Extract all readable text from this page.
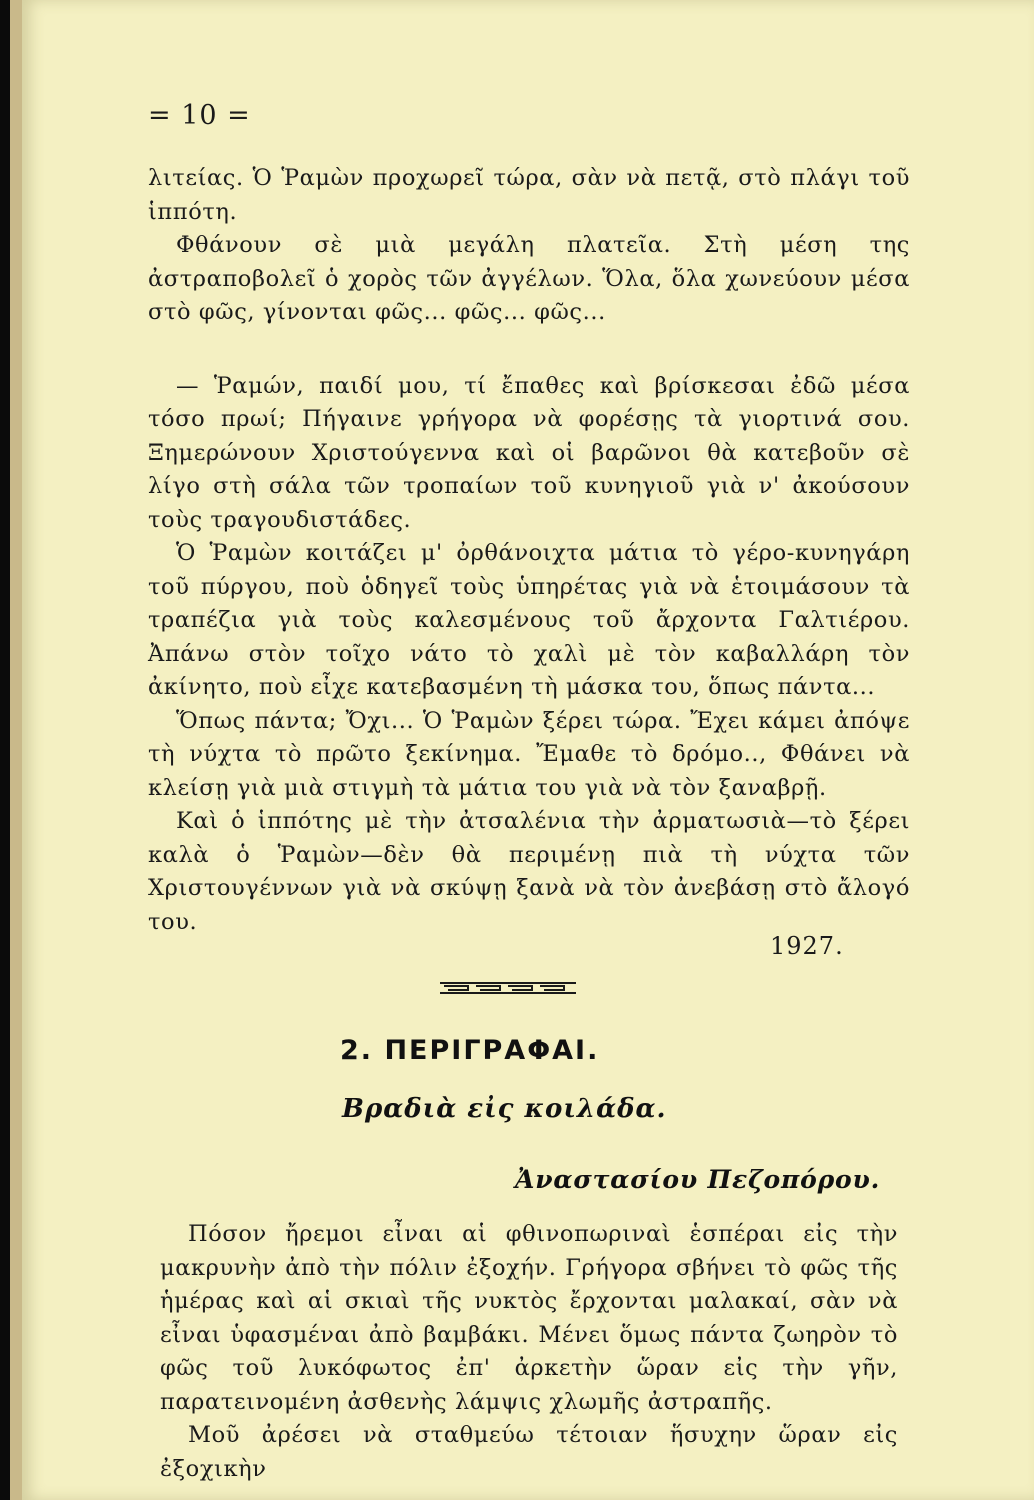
= 10 =

λιτείας. Ὁ Ῥαμὼν προχωρεῖ τώρα, σὰν νὰ πετᾷ, στὸ πλάγι τοῦ ἱππότη.

Φθάνουν σὲ μιὰ μεγάλη πλατεῖα. Στὴ μέση της ἀστραποβολεῖ ὁ χορὸς τῶν ἀγγέλων. Ὅλα, ὅλα χωνεύουν μέσα στὸ φῶς, γίνονται φῶς... φῶς... φῶς...

— Ῥαμών, παιδί μου, τί ἔπαθες καὶ βρίσκεσαι ἐδῶ μέσα τόσο πρωί; Πήγαινε γρήγορα νὰ φορέσῃς τὰ γιορτινά σου. Ξημερώνουν Χριστούγεννα καὶ οἱ βαρῶνοι θὰ κατεβοῦν σὲ λίγο στὴ σάλα τῶν τροπαίων τοῦ κυνηγιοῦ γιὰ ν' ἀκούσουν τοὺς τραγουδιστάδες.

Ὁ Ῥαμὼν κοιτάζει μ' ὀρθάνοιχτα μάτια τὸ γέρο-κυνηγάρη τοῦ πύργου, ποὺ ὁδηγεῖ τοὺς ὑπηρέτας γιὰ νὰ ἑτοιμάσουν τὰ τραπέζια γιὰ τοὺς καλεσμένους τοῦ ἄρχοντα Γαλτιέρου. Ἀπάνω στὸν τοῖχο νάτο τὸ χαλὶ μὲ τὸν καβαλλάρη τὸν ἀκίνητο, ποὺ εἶχε κατεβασμένη τὴ μάσκα του, ὅπως πάντα...

Ὅπως πάντα; Ὄχι... Ὁ Ῥαμὼν ξέρει τώρα. Ἔχει κάμει ἀπόψε τὴ νύχτα τὸ πρῶτο ξεκίνημα. Ἔμαθε τὸ δρόμο.., Φθάνει νὰ κλείσῃ γιὰ μιὰ στιγμὴ τὰ μάτια του γιὰ νὰ τὸν ξαναβρῇ.

Καὶ ὁ ἱππότης μὲ τὴν ἀτσαλένια τὴν ἀρματωσιὰ—τὸ ξέρει καλὰ ὁ Ῥαμὼν—δὲν θὰ περιμένῃ πιὰ τὴ νύχτα τῶν Χριστουγέννων γιὰ νὰ σκύψῃ ξανὰ νὰ τὸν ἀνεβάσῃ στὸ ἄλογό του.

1927.
2. ΠΕΡΙΓΡΑΦΑΙ.
Βραδιὰ εἰς κοιλάδα.
Ἀναστασίου Πεζοπόρου.

Πόσον ἤρεμοι εἶναι αἱ φθινοπωριναὶ ἑσπέραι εἰς τὴν μακρυνὴν ἀπὸ τὴν πόλιν ἐξοχήν. Γρήγορα σβήνει τὸ φῶς τῆς ἡμέρας καὶ αἱ σκιαὶ τῆς νυκτὸς ἔρχονται μαλακαί, σὰν νὰ εἶναι ὑφασμέναι ἀπὸ βαμβάκι. Μένει ὅμως πάντα ζωηρὸν τὸ φῶς τοῦ λυκόφωτος ἐπ' ἀρκετὴν ὥραν εἰς τὴν γῆν, παρατεινομένη ἀσθενὴς λάμψις χλωμῆς ἀστραπῆς.

Μοῦ ἀρέσει νὰ σταθμεύω τέτοιαν ἥσυχην ὥραν εἰς ἐξοχικὴν
